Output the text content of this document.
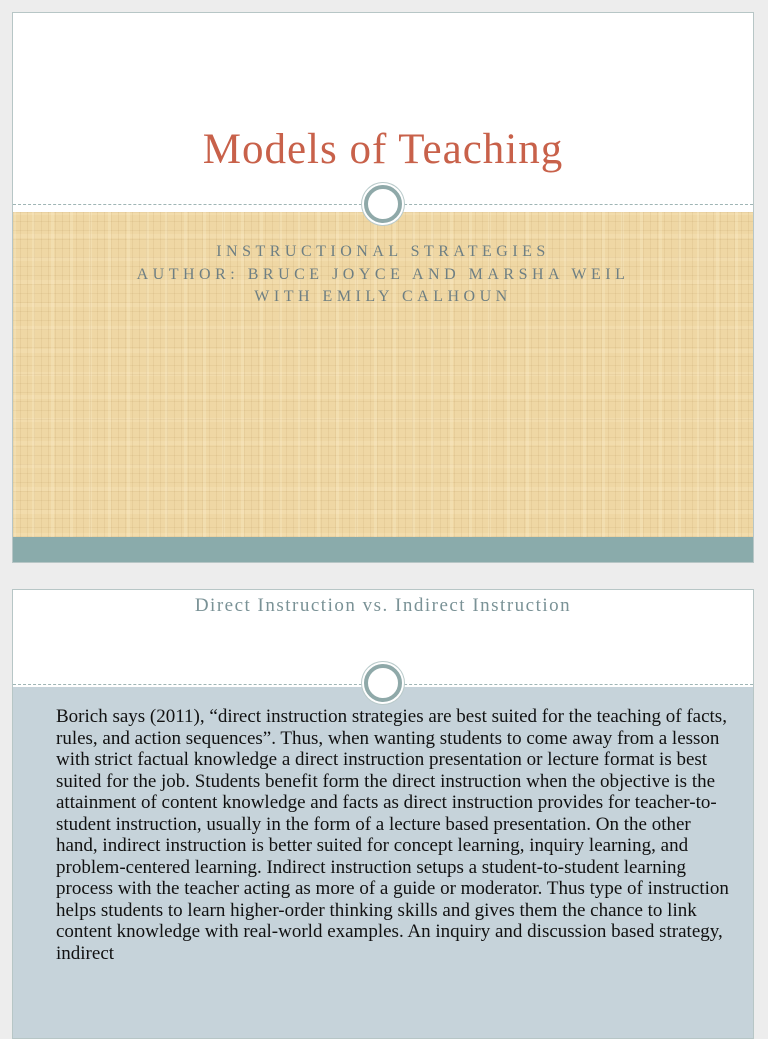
Models of Teaching
INSTRUCTIONAL STRATEGIES
AUTHOR: BRUCE JOYCE AND MARSHA WEIL
WITH EMILY CALHOUN
Direct Instruction vs. Indirect Instruction

Borich says (2011), “direct instruction strategies are best suited for the teaching of facts, rules, and action sequences”. Thus, when wanting students to come away from a lesson with strict factual knowledge a direct instruction presentation or lecture format is best suited for the job. Students benefit form the direct instruction when the objective is the attainment of content knowledge and facts as direct instruction provides for teacher-to-student instruction, usually in the form of a lecture based presentation. On the other hand, indirect instruction is better suited for concept learning, inquiry learning, and problem-centered learning. Indirect instruction setups a student-to-student learning process with the teacher acting as more of a guide or moderator. Thus type of instruction helps students to learn higher-order thinking skills and gives them the chance to link content knowledge with real-world examples. An inquiry and discussion based strategy, indirect
